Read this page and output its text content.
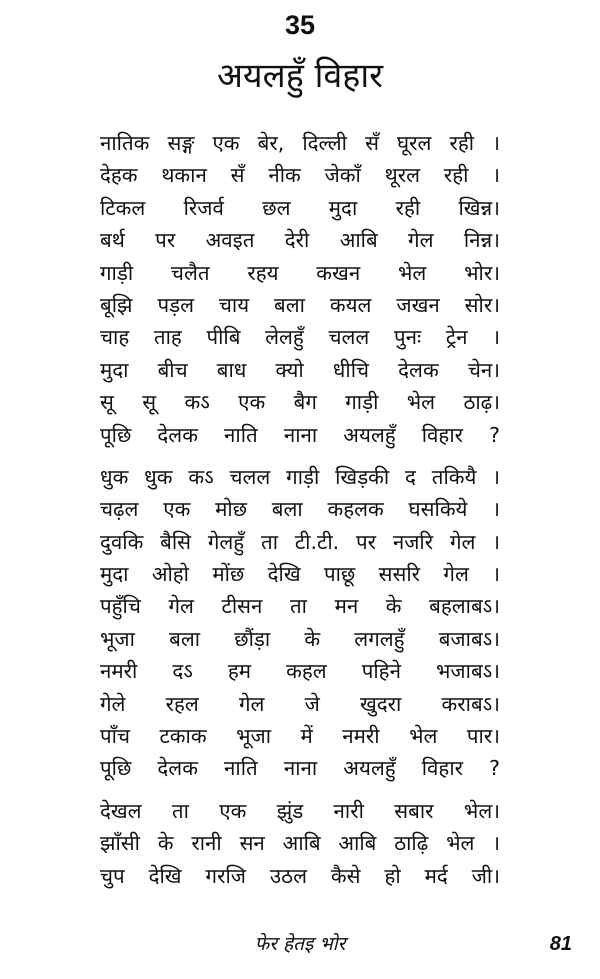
35
अयलहुँ विहार
नातिक सङ्ग एक बेर, दिल्ली सँ घूरल रही ।
देहक थकान सँ नीक जेकाँ थूरल रही ।
टिकल रिजर्व छल मुदा रही खिन्न।
बर्थ पर अवइत देरी आबि गेल निन्न।
गाड़ी चलैत रहय कखन भेल भोर।
बूझि पड़ल चाय बला कयल जखन सोर।
चाह ताह पीबि लेलहुँ चलल पुनः ट्रेन ।
मुदा बीच बाध क्यो धीचि देलक चेन।
सू सू कऽ एक बैग गाड़ी भेल ठाढ़।
पूछि देलक नाति नाना अयलहुँ विहार ?
धुक धुक कऽ चलल गाड़ी खिड़की द तकियै ।
चढ़ल एक मोछ बला कहलक घसकिये ।
दुवकि बैसि गेलहुँ ता टी.टी. पर नजरि गेल ।
मुदा ओहो मोंछ देखि पाछू ससरि गेल ।
पहुँचि गेल टीसन ता मन के बहलाबऽ।
भूजा बला छौंड़ा के लगलहुँ बजाबऽ।
नमरी दऽ हम कहल पहिने भजाबऽ।
गेले रहल गेल जे खुदरा कराबऽ।
पाँच टकाक भूजा में नमरी भेल पार।
पूछि देलक नाति नाना अयलहुँ विहार ?
देखल ता एक झुंड नारी सबार भेल।
झाँसी के रानी सन आबि आबि ठाढ़ि भेल ।
चुप देखि गरजि उठल कैसे हो मर्द जी।
फेर हेतइ भोर	81
